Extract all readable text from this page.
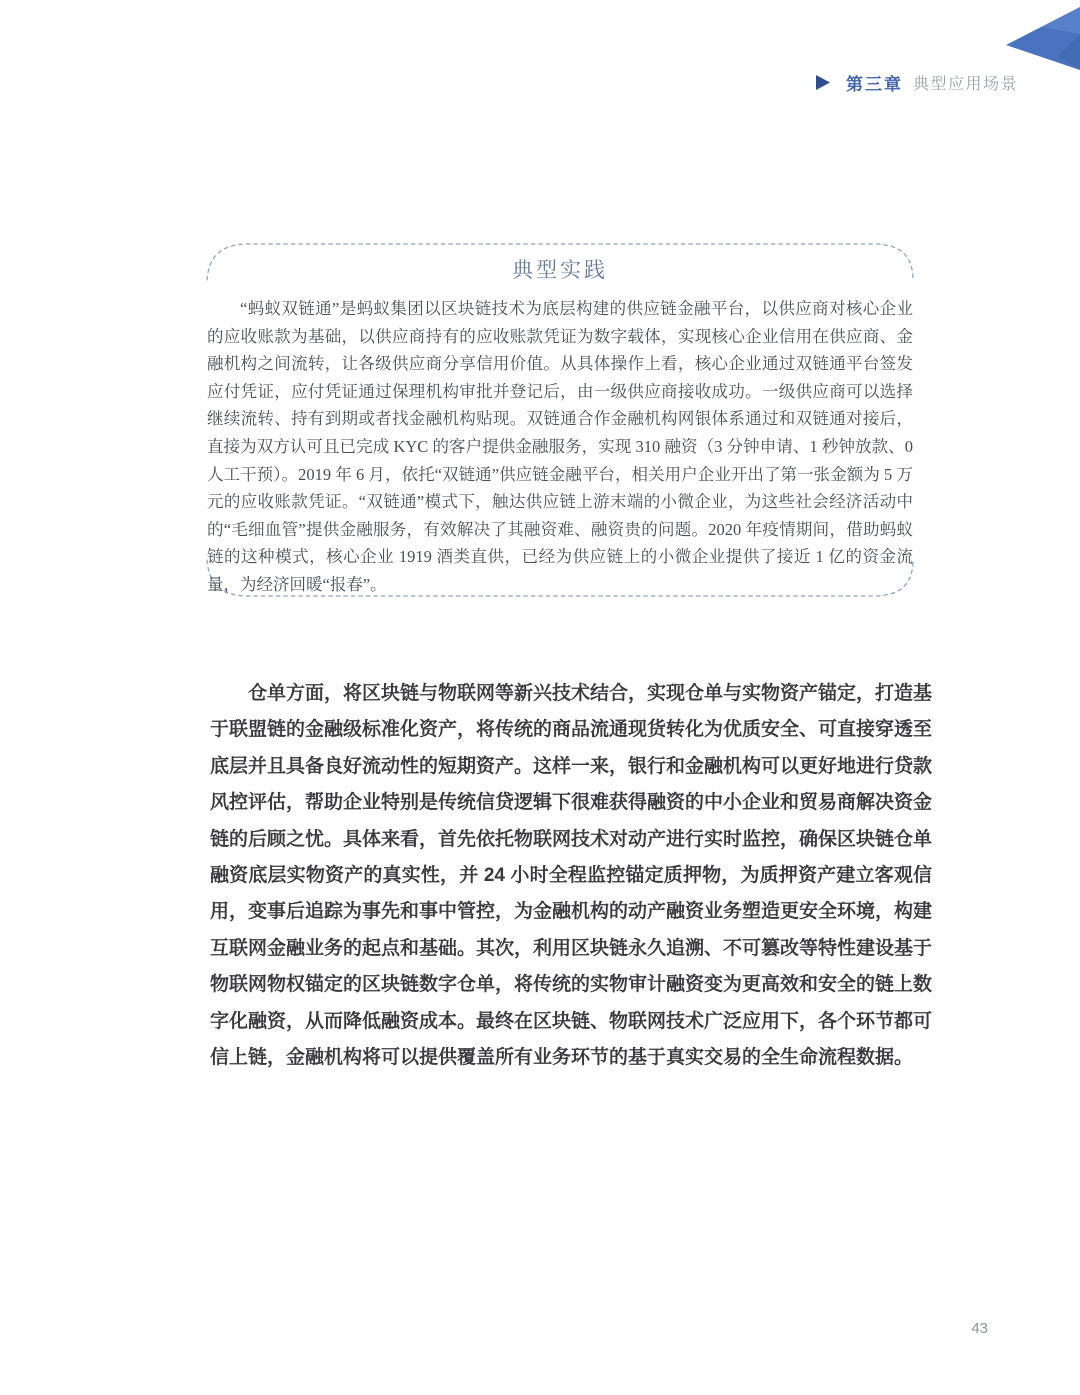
第三章 典型应用场景
典型实践

“蚂蚁双链通”是蚂蚁集团以区块链技术为底层构建的供应链金融平台，以供应商对核心企业的应收账款为基础，以供应商持有的应收账款凭证为数字载体，实现核心企业信用在供应商、金融机构之间流转，让各级供应商分享信用价值。从具体操作上看，核心企业通过双链通平台签发应付凭证，应付凭证通过保理机构审批并登记后，由一级供应商接收成功。一级供应商可以选择继续流转、持有到期或者找金融机构贴现。双链通合作金融机构网银体系通过和双链通对接后，直接为双方认可且已完成 KYC 的客户提供金融服务，实现 310 融资（3 分钟申请、1 秒钟放款、0 人工干预）。2019 年 6 月，依托“双链通”供应链金融平台，相关用户企业开出了第一张金额为 5 万元的应收账款凭证。“双链通”模式下，触达供应链上游末端的小微企业，为这些社会经济活动中的“毛细血管”提供金融服务，有效解决了其融资难、融资贵的问题。2020 年疫情期间，借助蚂蚁链的这种模式，核心企业 1919 酒类直供，已经为供应链上的小微企业提供了接近 1 亿的资金流量，为经济回暖“报春”。

仓单方面，将区块链与物联网等新兴技术结合，实现仓单与实物资产锚定，打造基于联盟链的金融级标准化资产，将传统的商品流通现货转化为优质安全、可直接穿透至底层并且具备良好流动性的短期资产。这样一来，银行和金融机构可以更好地进行贷款风控评估，帮助企业特别是传统信贷逻辑下很难获得融资的中小企业和贸易商解决资金链的后顾之忧。具体来看，首先依托物联网技术对动产进行实时监控，确保区块链仓单融资底层实物资产的真实性，并 24 小时全程监控锚定质押物，为质押资产建立客观信用，变事后追踪为事先和事中管控，为金融机构的动产融资业务塑造更安全环境，构建互联网金融业务的起点和基础。其次，利用区块链永久追溯、不可篡改等特性建设基于物联网物权锚定的区块链数字仓单，将传统的实物审计融资变为更高效和安全的链上数字化融资，从而降低融资成本。最终在区块链、物联网技术广泛应用下，各个环节都可信上链，金融机构将可以提供覆盖所有业务环节的基于真实交易的全生命流程数据。

43
